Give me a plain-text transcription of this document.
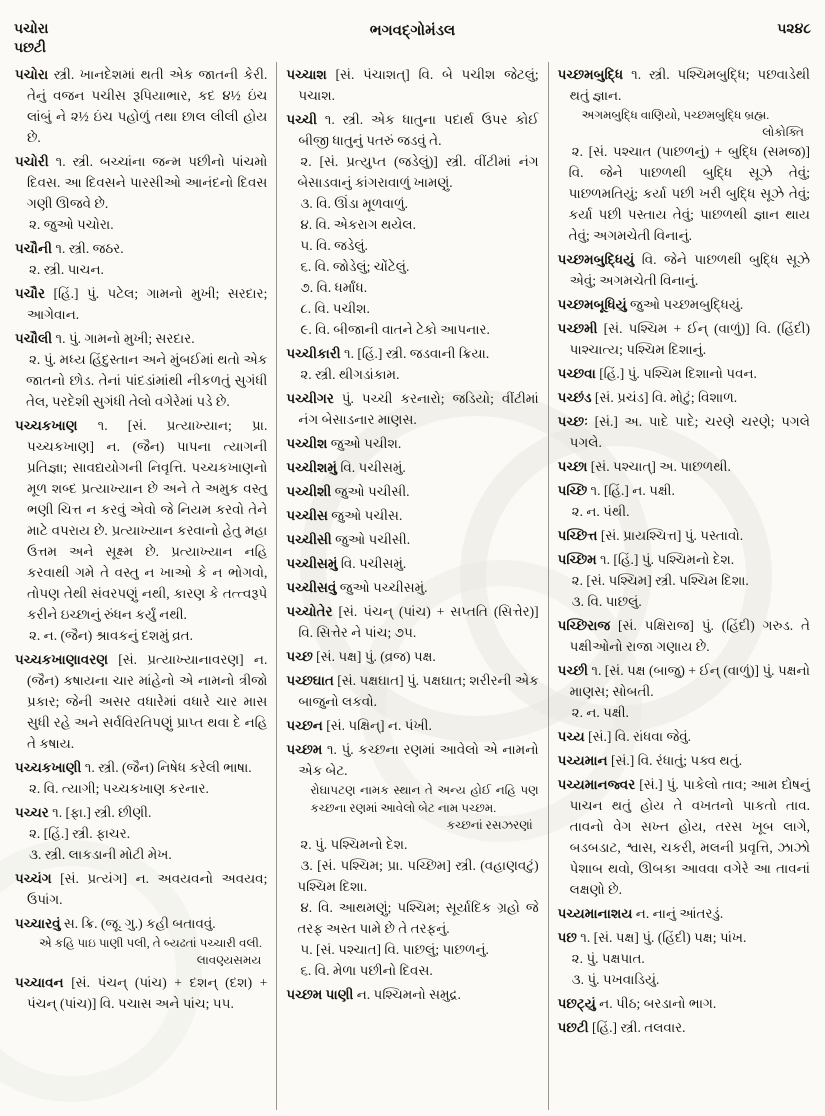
પચોરા
પછટી
ભગવદ્ગોમંડલ	૫૨૪૮

પચોરા સ્ત્રી. ખાનદેશમાં થતી એક જાતની કેરી. તેનું વજન પચીસ રૂપિયાભાર, કદ ૪½ ઇંચ લાંબું ને ૨½ ઇંચ પહોળું તથા છાલ લીલી હોય છે.

પચોરી ૧. સ્ત્રી. બચ્ચાંના જન્મ પછીનો પાંચમો દિવસ. આ દિવસને પારસીઓ આનંદનો દિવસ ગણી ઊજવે છે.

૨. જુઓ પચોરા.

પચૌની ૧. સ્ત્રી. જઠર.

૨. સ્ત્રી. પાચન.

પચૌર [હિં.] પું. પટેલ; ગામનો મુખી; સરદાર; આગેવાન.

પચૌલી ૧. પું. ગામનો મુખી; સરદાર.

૨. પું. મધ્ય હિંદુસ્તાન અને મુંબઈમાં થતો એક જાતનો છોડ. તેનાં પાંદડાંમાંથી નીકળતું સુગંધી તેલ, પરદેશી સુગંધી તેલો વગેરેમાં પડે છે.

પચ્ચકખાણ ૧. [સં. પ્રત્યાખ્યાન; પ્રા. પચ્ચકખાણ] ન. (જૈન) પાપના ત્યાગની પ્રતિજ્ઞા; સાવદ્યયોગની નિવૃત્તિ. પચ્ચકખાણનો મૂળ શબ્દ પ્રત્યાખ્યાન છે અને તે અમુક વસ્તુ ભણી ચિત્ત ન કરવું એવો જે નિયમ કરવો તેને માટે વપરાય છે. પ્રત્યાખ્યાન કરવાનો હેતુ મહા ઉત્તમ અને સૂક્ષ્મ છે. પ્રત્યાખ્યાન નહિ કરવાથી ગમે તે વસ્તુ ન ખાઓ કે ન ભોગવો, તોપણ તેથી સંવરપણું નથી, કારણ કે તત્ત્વરૂપે કરીને ઇચ્છાનું રુંધન કર્યું નથી.

૨. ન. (જૈન) શ્રાવકનું દશમું વ્રત.

પચ્ચકખાણાવરણ [સં. પ્રત્યાખ્યાનાવરણ] ન. (જૈન) કષાયના ચાર માંહેનો એ નામનો ત્રીજો પ્રકાર; જેની અસર વધારેમાં વધારે ચાર માસ સુધી રહે અને સર્વવિરતિપણું પ્રાપ્ત થવા દે નહિ તે કષાય.

પચ્ચકખાણી ૧. સ્ત્રી. (જૈન) નિષેધ કરેલી ભાષા.

૨. વિ. ત્યાગી; પચ્ચકખાણ કરનાર.

પચ્ચર ૧. [ફા.] સ્ત્રી. છીણી.

૨. [હિં.] સ્ત્રી. ફાચર.

૩. સ્ત્રી. લાકડાની મોટી મેખ.

પચ્ચંગ [સં. પ્રત્યંગ] ન. અવયવનો અવયવ; ઉપાંગ.

પચ્ચારવું સ. ક્રિ. (જૂ. ગુ.) કહી બતાવવું.

એ કહિ પાઇ પાણી પલી, તે બ્યઢતાં પચ્ચારી વલી.

લાવણ્યસમય

પચ્ચાવન [સં. પંચન્ (પાંચ) + દશન્ (દશ) + પંચન્ (પાંચ)] વિ. પચાસ અને પાંચ; ૫૫.

પચ્ચાશ [સં. પંચાશત્] વિ. બે પચીશ જેટલું; પચાશ.

પચ્ચી ૧. સ્ત્રી. એક ધાતુના પદાર્થ ઉપર કોઈ બીજી ધાતુનું પતરું જડવું તે.

૨. [સં. પ્રત્યુપ્ત (જડેલું)] સ્ત્રી. વીંટીમાં નંગ બેસાડવાનું કાંગરાવાળું ખામણું.

૩. વિ. ઊંડા મૂળવાળું.

૪. વિ. એકરાગ થયેલ.

૫. વિ. જડેલું.

૬. વિ. જોડેલું; ચોંટેલું.

૭. વિ. ધર્માંધ.

૮. વિ. પચીશ.

૯. વિ. બીજાની વાતને ટેકો આપનાર.

પચ્ચીકારી ૧. [હિં.] સ્ત્રી. જડવાની ક્રિયા.

૨. સ્ત્રી. થીગડાંકામ.

પચ્ચીગર પું. પચ્ચી કરનારો; જડિયો; વીંટીમાં નંગ બેસાડનાર માણસ.

પચ્ચીશ જુઓ પચીશ.

પચ્ચીશમું વિ. પચીસમું.

પચ્ચીશી જુઓ પચીસી.

પચ્ચીસ જુઓ પચીસ.

પચ્ચીસી જુઓ પચીસી.

પચ્ચીસમું વિ. પચીસમું.

પચ્ચીસવું જુઓ પચ્ચીસમું.

પચ્ચોતેર [સં. પંચન્ (પાંચ) + સપ્તતિ (સિત્તેર)] વિ. સિત્તેર ને પાંચ; ૭૫.

પચ્છ [સં. પક્ષ] પું. (વ્રજ) પક્ષ.

પચ્છઘાત [સં. પક્ષઘાત] પું. પક્ષઘાત; શરીરની એક બાજુનો લકવો.

પચ્છન [સં. પક્ષિન્] ન. પંખી.

પચ્છમ ૧. પું. કચ્છના રણમાં આવેલો એ નામનો એક બેટ.

રોઘાપટણ નામક સ્થાન તે અન્ય હોઈ નહિ પણ કચ્છના રણમાં આવેલો બેટ નામ પચ્છમ.

કચ્છનાં રસઝરણાં

૨. પું. પશ્ચિમનો દેશ.

૩. [સં. પશ્ચિમ; પ્રા. પચ્છિમ] સ્ત્રી. (વહાણવટું) પશ્ચિમ દિશા.

૪. વિ. આથમણું; પશ્ચિમ; સૂર્યાદિક ગ્રહો જે તરફ અસ્ત પામે છે તે તરફનું.

૫. [સં. પશ્ચાત] વિ. પાછલું; પાછળનું.

૬. વિ. મેળા પછીનો દિવસ.

પચ્છમ પાણી ન. પશ્ચિમનો સમુદ્ર.

પચ્છમબુદ્ધિ ૧. સ્ત્રી. પશ્ચિમબુદ્ધિ; પછવાડેથી થતું જ્ઞાન.

અગમબુદ્ધિ વાણિયો, પચ્છમબુદ્ધિ બ્રહ્મ.

લોકોક્તિ

૨. [સં. પશ્ચાત (પાછળનું) + બુદ્ધિ (સમજ)] વિ. જેને પાછળથી બુદ્ધિ સૂઝે તેવું; પાછળમતિયું; કર્યા પછી ખરી બુદ્ધિ સૂઝે તેવું; કર્યા પછી પસ્તાય તેવું; પાછળથી જ્ઞાન થાય તેવું; અગમચેતી વિનાનું.

પચ્છમબુદ્ધિયું વિ. જેને પાછળથી બુદ્ધિ સૂઝે એવું; અગમચેતી વિનાનું.

પચ્છમબૂધિયું જુઓ પચ્છમબુદ્ધિયું.

પચ્છમી [સં. પશ્ચિમ + ઈન્ (વાળું)] વિ. (હિંદી) પાશ્ચાત્ય; પશ્ચિમ દિશાનું.

પચ્છવા [હિં.] પું. પશ્ચિમ દિશાનો પવન.

પચ્છંડ [સં. પ્રચંડ] વિ. મોટું; વિશાળ.

પચ્છઃ [સં.] અ. પાદે પાદે; ચરણે ચરણે; પગલે પગલે.

પચ્છા [સં. પશ્ચાત્] અ. પાછળથી.

પચ્છિ ૧. [હિં.] ન. પક્ષી.

૨. ન. પંથી.

પચ્છિત્ત [સં. પ્રાયશ્ચિત્ત] પું. પસ્તાવો.

પચ્છિમ ૧. [હિં.] પું. પશ્ચિમનો દેશ.

૨. [સં. પશ્ચિમ] સ્ત્રી. પશ્ચિમ દિશા.

૩. વિ. પાછલું.

પચ્છિરાજ [સં. પક્ષિરાજ] પું. (હિંદી) ગરુડ. તે પક્ષીઓનો રાજા ગણાય છે.

પચ્છી ૧. [સં. પક્ષ (બાજુ) + ઈન્ (વાળું)] પું. પક્ષનો માણસ; સોબતી.

૨. ન. પક્ષી.

પચ્ય [સં.] વિ. રાંધવા જેવું.

પચ્યમાન [સં.] વિ. રંધાતું; પક્વ થતું.

પચ્યમાનજ્વર [સં.] પું. પાકેલો તાવ; આમ દોષનું પાચન થતું હોય તે વખતનો પાકતો તાવ. તાવનો વેગ સખ્ત હોય, તરસ ખૂબ લાગે, બડબડાટ, શ્વાસ, ચકરી, મલની પ્રવૃત્તિ, ઝાઝો પેશાબ થવો, ઊબકા આવવા વગેરે આ તાવનાં લક્ષણો છે.

પચ્યમાનાશય ન. નાનું આંતરડું.

પછ ૧. [સં. પક્ષ] પું. (હિંદી) પક્ષ; પાંખ.

૨. પું. પક્ષપાત.

૩. પું. પખવાડિયું.

પછટ્યું ન. પીઠ; બરડાનો ભાગ.

પછટી [હિં.] સ્ત્રી. તલવાર.
